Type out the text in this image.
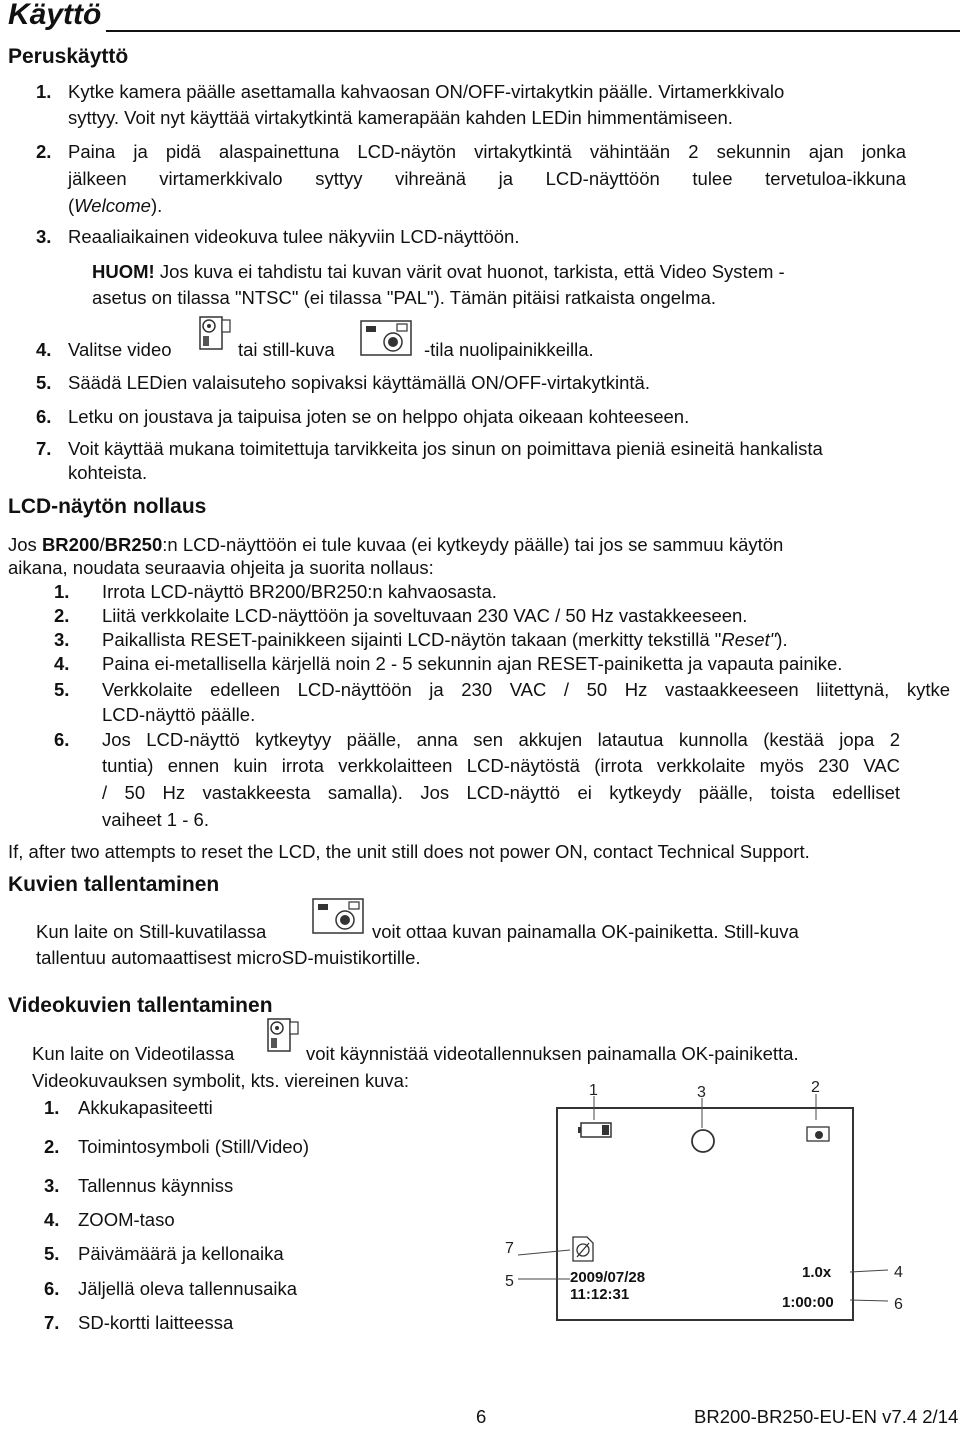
Käyttö
Peruskäyttö
1. Kytke kamera päälle asettamalla kahvaosan ON/OFF-virtakytkin päälle. Virtamerkkivalo
syttyy. Voit nyt käyttää virtakytkintä kamerapään kahden LEDin himmentämiseen.
2. Paina ja pidä alaspainettuna LCD-näytön virtakytkintä vähintään 2 sekunnin ajan jonka
jälkeen virtamerkkivalo syttyy vihreänä ja LCD-näyttöön tulee tervetuloa-ikkuna
(Welcome).
3. Reaaliaikainen videokuva tulee näkyviin LCD-näyttöön.
HUOM! Jos kuva ei tahdistu tai kuvan värit ovat huonot, tarkista, että Video System -
asetus on tilassa "NTSC" (ei tilassa "PAL"). Tämän pitäisi ratkaista ongelma.
4. Valitse video	tai still-kuva	-tila nuolipainikkeilla.
5. Säädä LEDien valaisuteho sopivaksi käyttämällä ON/OFF-virtakytkintä.
6. Letku on joustava ja taipuisa joten se on helppo ohjata oikeaan kohteeseen.
7. Voit käyttää mukana toimitettuja tarvikkeita jos sinun on poimittava pieniä esineitä hankalista
kohteista.
LCD-näytön nollaus
Jos BR200/BR250:n LCD-näyttöön ei tule kuvaa (ei kytkeydy päälle) tai jos se sammuu käytön
aikana, noudata seuraavia ohjeita ja suorita nollaus:
1. Irrota LCD-näyttö BR200/BR250:n kahvaosasta.
2. Liitä verkkolaite LCD-näyttöön ja soveltuvaan 230 VAC / 50 Hz vastakkeeseen.
3. Paikallista RESET-painikkeen sijainti LCD-näytön takaan (merkitty tekstillä "Reset").
4. Paina ei-metallisella kärjellä noin 2 - 5 sekunnin ajan RESET-painiketta ja vapauta painike.
5. Verkkolaite edelleen LCD-näyttöön ja 230 VAC / 50 Hz vastaakkeeseen liitettynä, kytke
LCD-näyttö päälle.
6. Jos LCD-näyttö kytkeytyy päälle, anna sen akkujen latautua kunnolla (kestää jopa 2
tuntia) ennen kuin irrota verkkolaitteen LCD-näytöstä (irrota verkkolaite myös 230 VAC
/ 50 Hz vastakkeesta samalla). Jos LCD-näyttö ei kytkeydy päälle, toista edelliset
vaiheet 1 - 6.
If, after two attempts to reset the LCD, the unit still does not power ON, contact Technical Support.
Kuvien tallentaminen
Kun laite on Still-kuvatilassa	voit ottaa kuvan painamalla OK-painiketta. Still-kuva
tallentuu automaattisest microSD-muistikortille.
Videokuvien tallentaminen
Kun laite on Videotilassa	voit käynnistää videotallennuksen painamalla OK-painiketta.
Videokuvauksen symbolit, kts. viereinen kuva:
1. Akkukapasiteetti
2. Toimintosymboli (Still/Video)
3. Tallennus käynniss
4. ZOOM-taso
5. Päivämäärä ja kellonaika
6. Jäljellä oleva tallennusaika
7. SD-kortti laitteessa
2009/07/28
11:12:31
1.0x
1:00:00
1	3	2
7
5
4
6
6	BR200-BR250-EU-EN v7.4 2/14
